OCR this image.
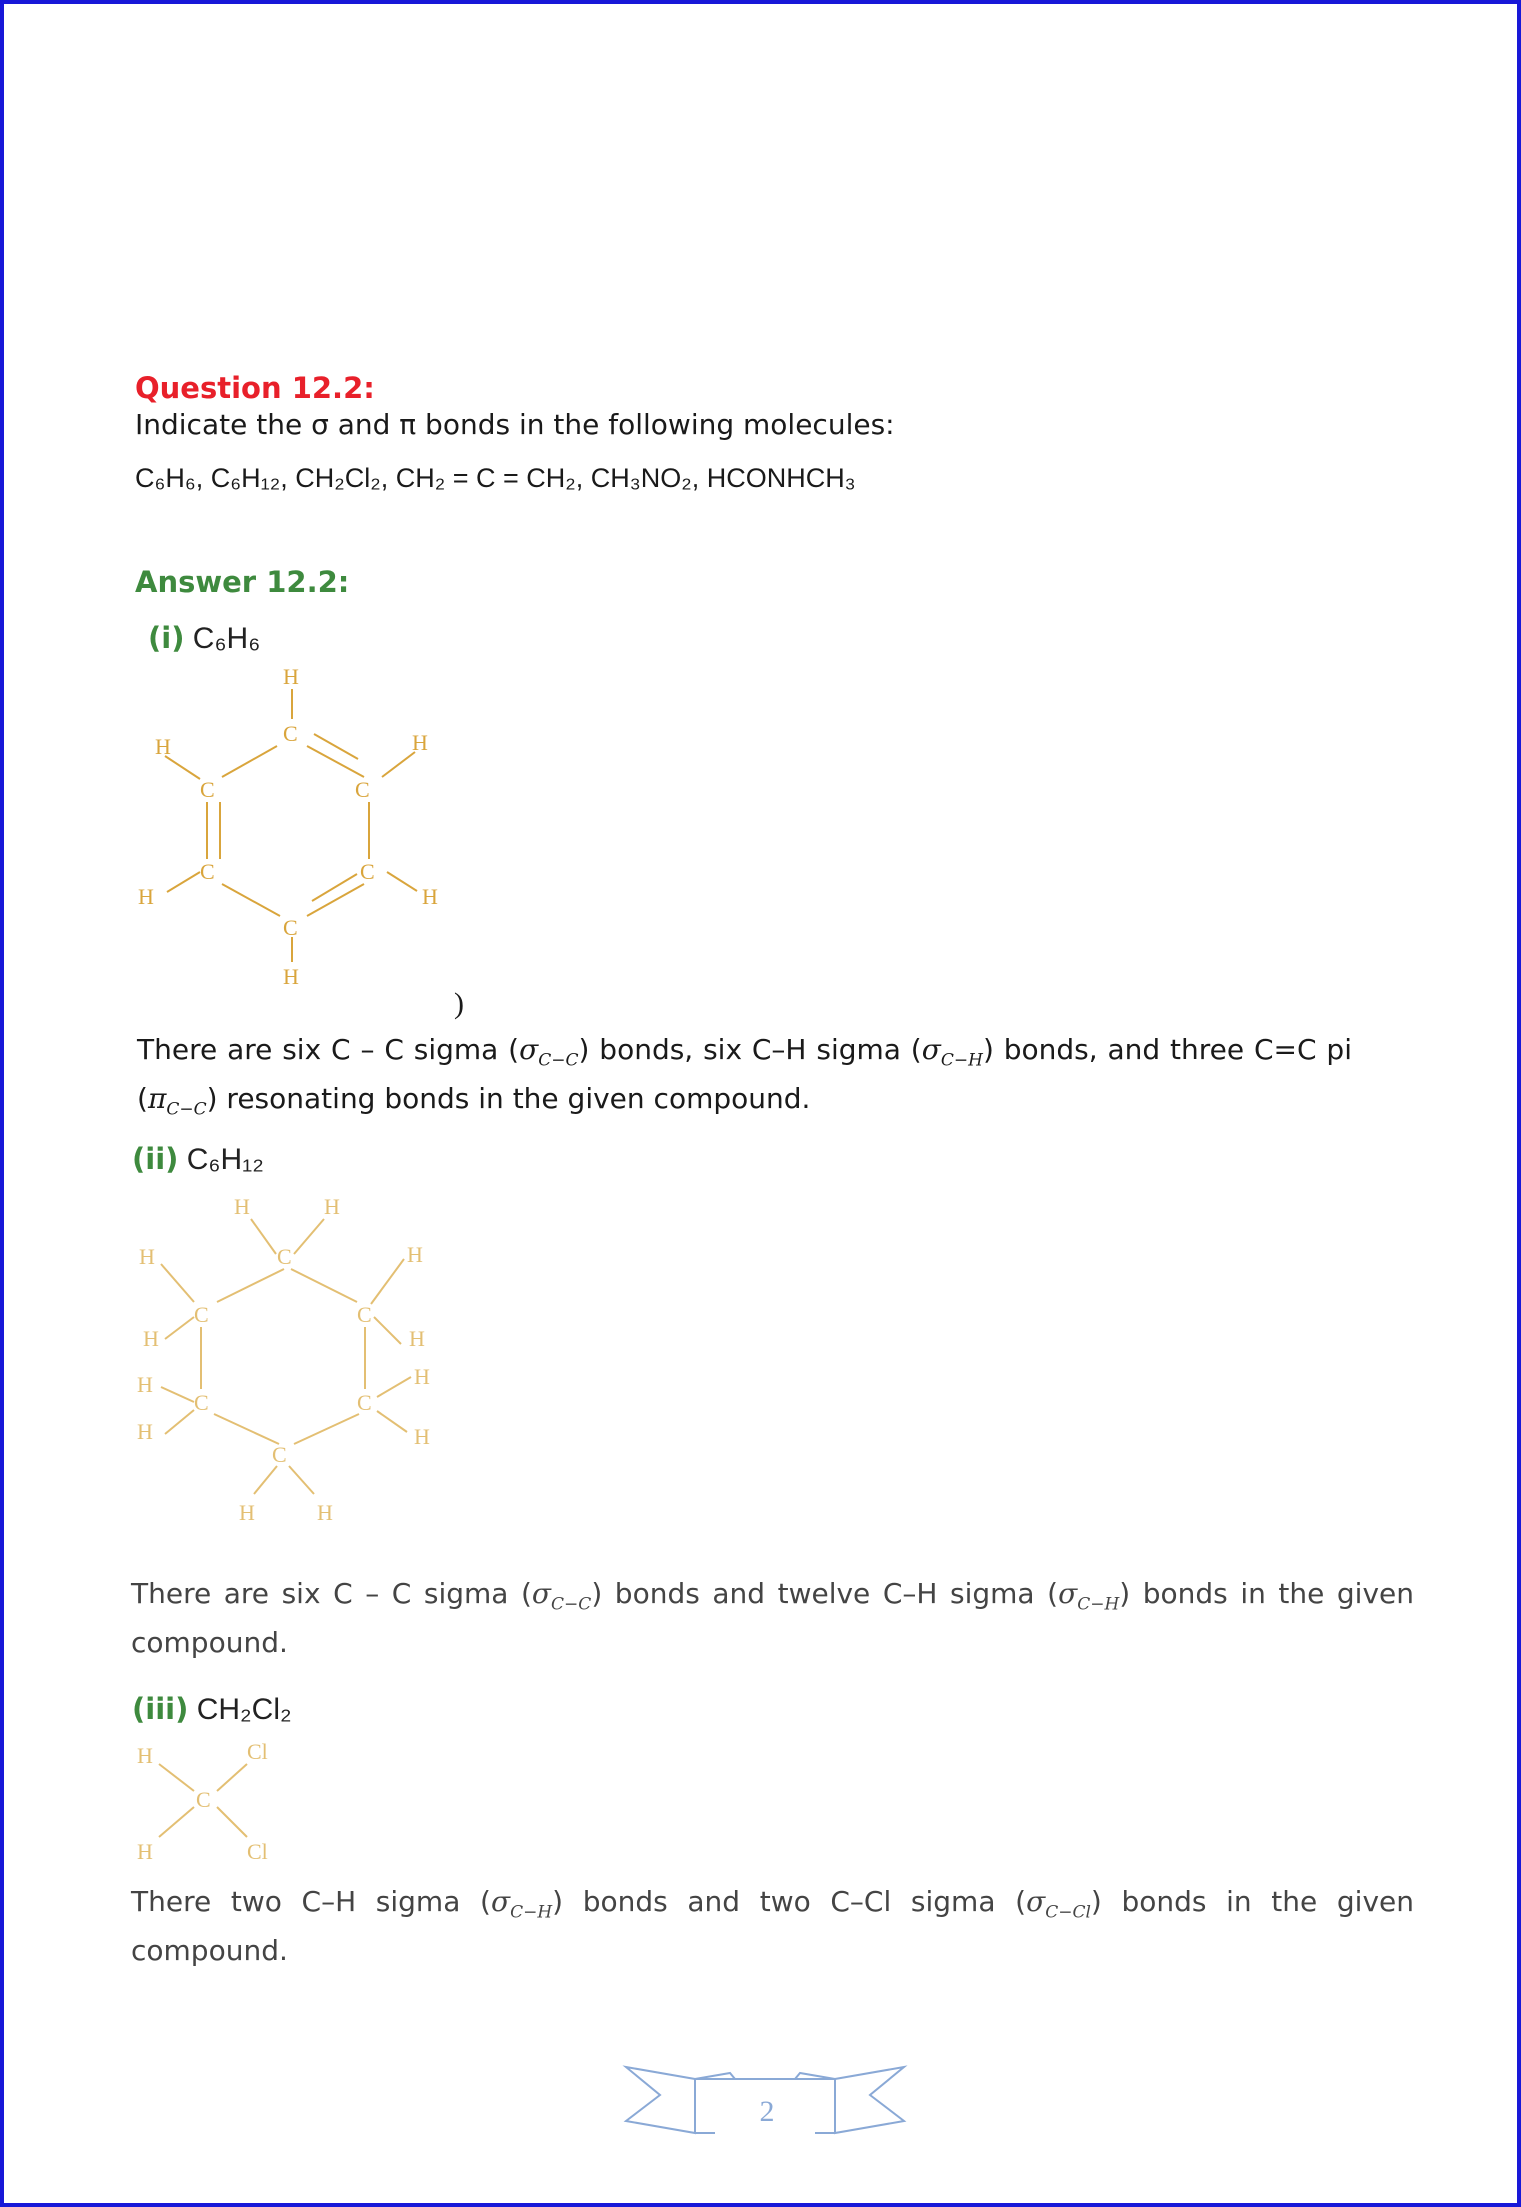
Question 12.2:
Indicate the σ and π bonds in the following molecules:
C₆H₆, C₆H₁₂, CH₂Cl₂, CH₂ = C = CH₂, CH₃NO₂, HCONHCH₃
Answer 12.2:
(i) C₆H₆
H
C
H
C	C
H
C	C
H	H
C
H
)
There are six C – C sigma $(\sigma_{C-C})$ bonds, six C–H sigma $(\sigma_{C-H})$ bonds, and three C=C pi $(\pi_{C-C})$ resonating bonds in the given compound.
(ii) C₆H₁₂
H	H
C
H	H
C	C
H	H
H	H
C	C
H	H
C
H	H
There are six C – C sigma $(\sigma_{C-C})$ bonds and twelve C–H sigma $(\sigma_{C-H})$ bonds in the given compound.
(iii) CH₂Cl₂
H	Cl
C
H	Cl
There two C–H sigma $(\sigma_{C-H})$ bonds and two C–Cl sigma $(\sigma_{C-Cl})$ bonds in the given compound.
2
